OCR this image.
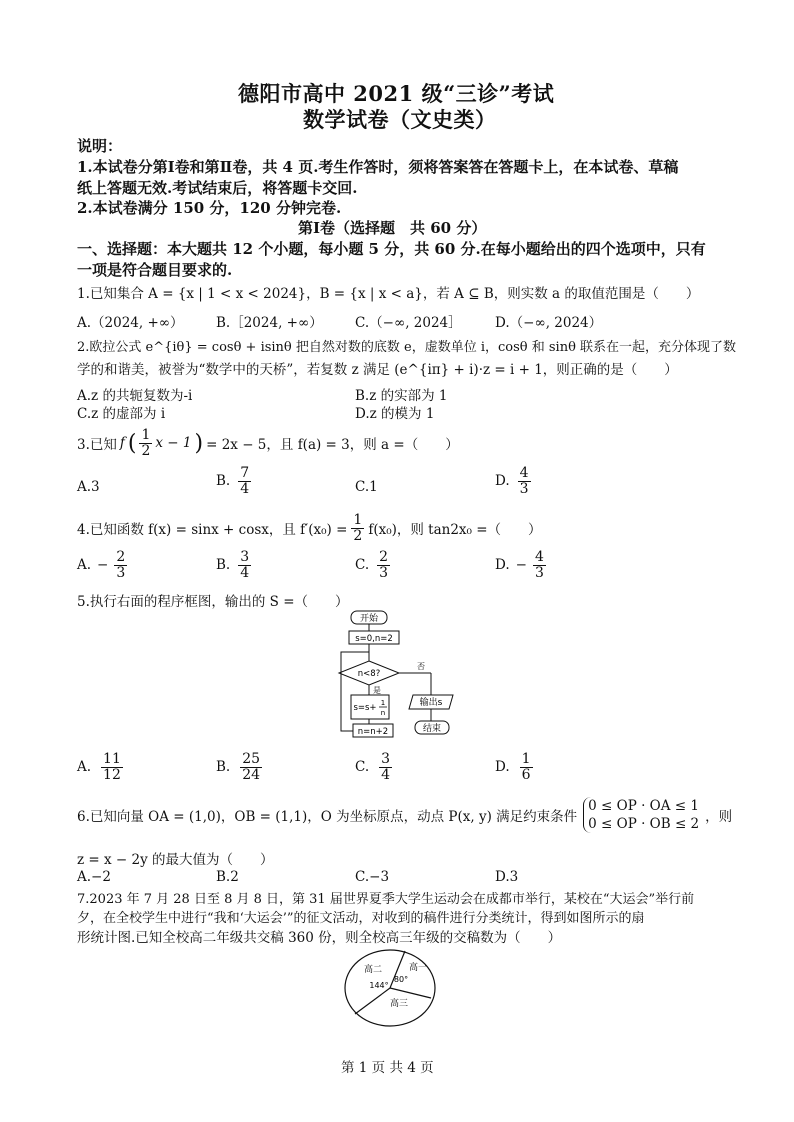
德阳市高中 2021 级“三诊”考试
数学试卷（文史类）
说明：
1.本试卷分第Ⅰ卷和第Ⅱ卷，共 4 页.考生作答时，须将答案答在答题卡上，在本试卷、草稿
纸上答题无效.考试结束后，将答题卡交回.
2.本试卷满分 150 分，120 分钟完卷.
第Ⅰ卷（选择题　共 60 分）
一、选择题：本大题共 12 个小题，每小题 5 分，共 60 分.在每小题给出的四个选项中，只有
一项是符合题目要求的.
1.已知集合 A = {x | 1 < x < 2024}，B = {x | x < a}，若 A ⊆ B，则实数 a 的取值范围是（　　）
A.（2024, +∞） B.［2024, +∞） C.（−∞, 2024］ D.（−∞, 2024）
2.欧拉公式 e^{iθ} = cosθ + isinθ 把自然对数的底数 e，虚数单位 i，cosθ 和 sinθ 联系在一起，充分体现了数
学的和谐美，被誉为“数学中的天桥”，若复数 z 满足 (e^{iπ} + i)·z = i + 1，则正确的是（　　）
A.z 的共轭复数为-i	B.z 的实部为 1
C.z 的虚部为 i	D.z 的模为 1
3.已知 f ( $\frac{1}{2}$ x − 1 ) = 2x − 5，且 f(a) = 3，则 a =（　　）
A.3	B. $\frac{7}{4}$	C.1	D. $\frac{4}{3}$
4.已知函数 f(x) = sinx + cosx，且 $f'(x_0) = \frac{1}{2} f(x_0)$，则 tan2x₀ =（　　）
A. − $\frac{2}{3}$	B. $\frac{3}{4}$	C. $\frac{2}{3}$	D. − $\frac{4}{3}$
5.执行右面的程序框图，输出的 S =（　　）
开始
s=0,n=2
n<8?
否
是
s=s+ 1
n
n=n+2
输出s
结束
A. $\frac{11}{12}$	B. $\frac{25}{24}$	C. $\frac{3}{4}$	D. $\frac{1}{6}$
6.已知向量 OA = (1,0)，OB = (1,1)，O 为坐标原点，动点 P(x, y) 满足约束条件
0 ≤ OP · OA ≤ 1
0 ≤ OP · OB ≤ 2 ，则
z = x − 2y 的最大值为（　　）
A.−2	B.2	C.−3	D.3
7.2023 年 7 月 28 日至 8 月 8 日，第 31 届世界夏季大学生运动会在成都市举行，某校在“大运会”举行前
夕，在全校学生中进行“我和‘大运会’”的征文活动，对收到的稿件进行分类统计，得到如图所示的扇
形统计图.已知全校高二年级共交稿 360 份，则全校高三年级的交稿数为（　　）
高二	高一
80°
144°
高三
第 1 页 共 4 页
